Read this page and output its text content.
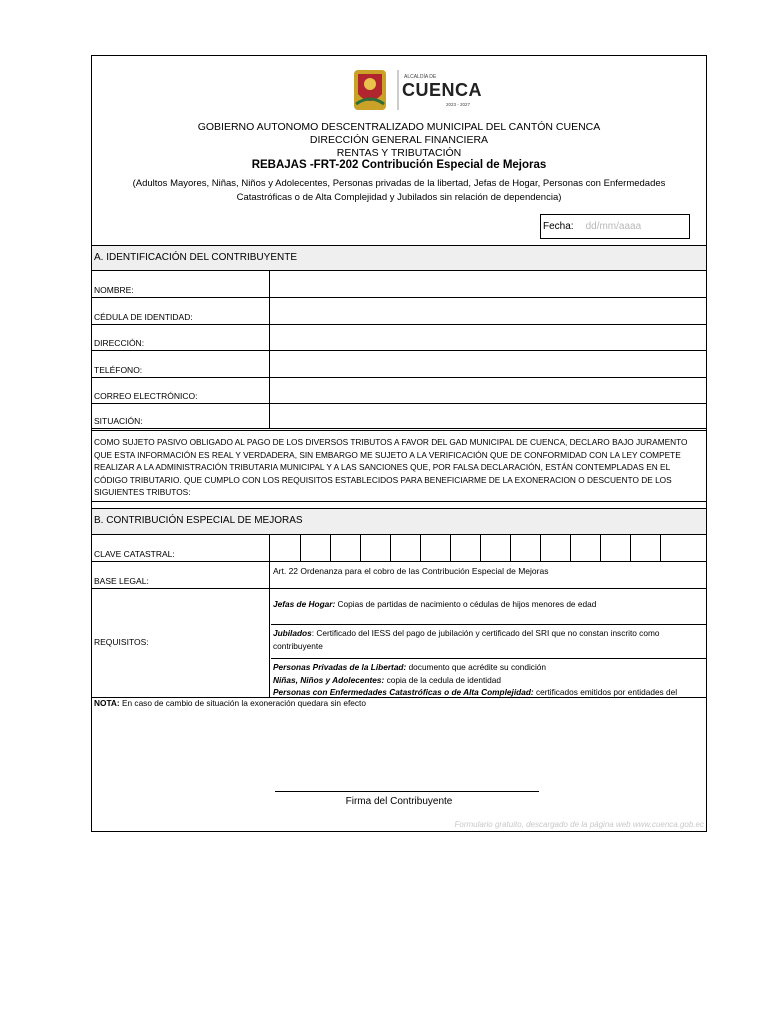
ALCALDÍA DE
CUENCA
2023 - 2027
GOBIERNO AUTONOMO DESCENTRALIZADO MUNICIPAL DEL CANTÓN CUENCA
DIRECCIÓN GENERAL FINANCIERA
RENTAS Y TRIBUTACIÓN
REBAJAS -FRT-202 Contribución Especial de Mejoras
(Adultos Mayores, Niñas, Niños y Adolecentes, Personas privadas de la libertad, Jefas de Hogar, Personas con Enfermedades Catastróficas o de Alta Complejidad y Jubilados sin relación de dependencia)
Fecha: dd/mm/aaaa
A. IDENTIFICACIÓN DEL CONTRIBUYENTE
NOMBRE:
CÉDULA DE IDENTIDAD:
DIRECCIÓN:
TELÉFONO:
CORREO ELECTRÓNICO:
SITUACIÓN:
COMO SUJETO PASIVO OBLIGADO AL PAGO DE LOS DIVERSOS TRIBUTOS A FAVOR DEL GAD MUNICIPAL DE CUENCA, DECLARO BAJO JURAMENTO QUE ESTA INFORMACIÓN ES REAL Y VERDADERA, SIN EMBARGO ME SUJETO A LA VERIFICACIÓN QUE DE CONFORMIDAD CON LA LEY COMPETE REALIZAR A LA ADMINISTRACIÓN TRIBUTARIA MUNICIPAL Y A LAS SANCIONES QUE, POR FALSA DECLARACIÓN, ESTÁN CONTEMPLADAS EN EL CÓDIGO TRIBUTARIO. QUE CUMPLO CON LOS REQUISITOS ESTABLECIDOS PARA BENEFICIARME DE LA EXONERACION O DESCUENTO DE LOS SIGUIENTES TRIBUTOS:
B. CONTRIBUCIÓN ESPECIAL DE MEJORAS
CLAVE CATASTRAL:
BASE LEGAL:
Art. 22 Ordenanza para el cobro de las Contribución Especial de Mejoras
REQUISITOS:
Jefas de Hogar: Copias de partidas de nacimiento o cédulas de hijos menores de edad
Jubilados: Certificado del IESS del pago de jubilación y certificado del SRI que no constan inscrito como contribuyente
Personas Privadas de la Libertad: documento que acrédite su condición
Niñas, Niños y Adolecentes: copia de la cedula de identidad
Personas con Enfermedades Catastróficas o de Alta Complejidad: certificados emitidos por entidades del
NOTA: En caso de cambio de situación la exoneración quedara sin efecto
Firma del Contribuyente
Formulario gratuito, descargado de la página web www.cuenca.gob.ec
